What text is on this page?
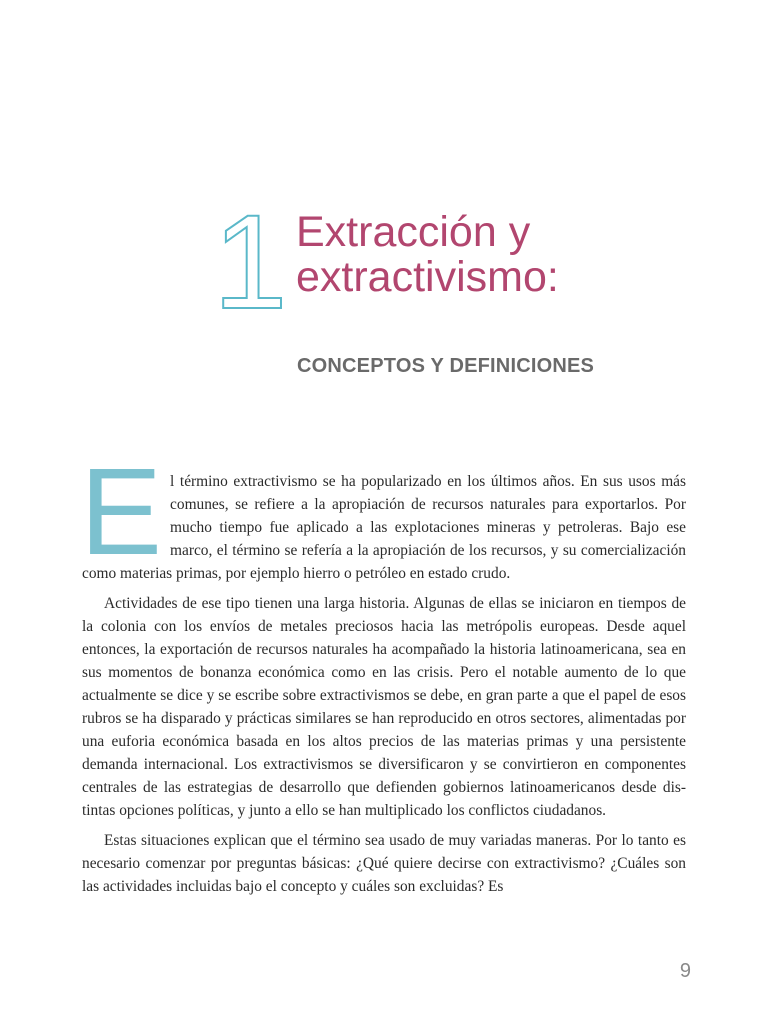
1 Extracción y
extractivismo:
CONCEPTOS Y DEFINICIONES

El término extractivismo se ha popularizado en los últimos años. En sus usos más comunes, se refiere a la apropiación de recursos naturales para exportarlos. Por mucho tiempo fue aplicado a las explotaciones mineras y petroleras. Bajo ese marco, el término se refería a la apropiación de los recursos, y su comercialización como materias primas, por ejemplo hierro o petróleo en estado crudo.

Actividades de ese tipo tienen una larga historia. Algunas de ellas se iniciaron en tiempos de la colonia con los envíos de metales preciosos hacia las metrópolis europeas. Desde aquel entonces, la exportación de recursos naturales ha acompañado la historia latinoamericana, sea en sus momentos de bonanza económica como en las crisis. Pero el notable aumento de lo que actualmente se dice y se escribe sobre extractivismos se debe, en gran parte a que el papel de esos rubros se ha disparado y prácticas similares se han reproducido en otros sectores, alimentadas por una euforia económica basada en los altos precios de las materias primas y una persistente demanda internacional. Los extractivismos se diversificaron y se convirtieron en componentes centrales de las estrategias de desarrollo que defienden gobiernos latinoamericanos desde distintas opciones políticas, y junto a ello se han multiplicado los conflictos ciudadanos.

Estas situaciones explican que el término sea usado de muy variadas maneras. Por lo tanto es necesario comenzar por preguntas básicas: ¿Qué quiere decirse con extractivismo? ¿Cuáles son las actividades incluidas bajo el concepto y cuáles son excluidas? Es

9
